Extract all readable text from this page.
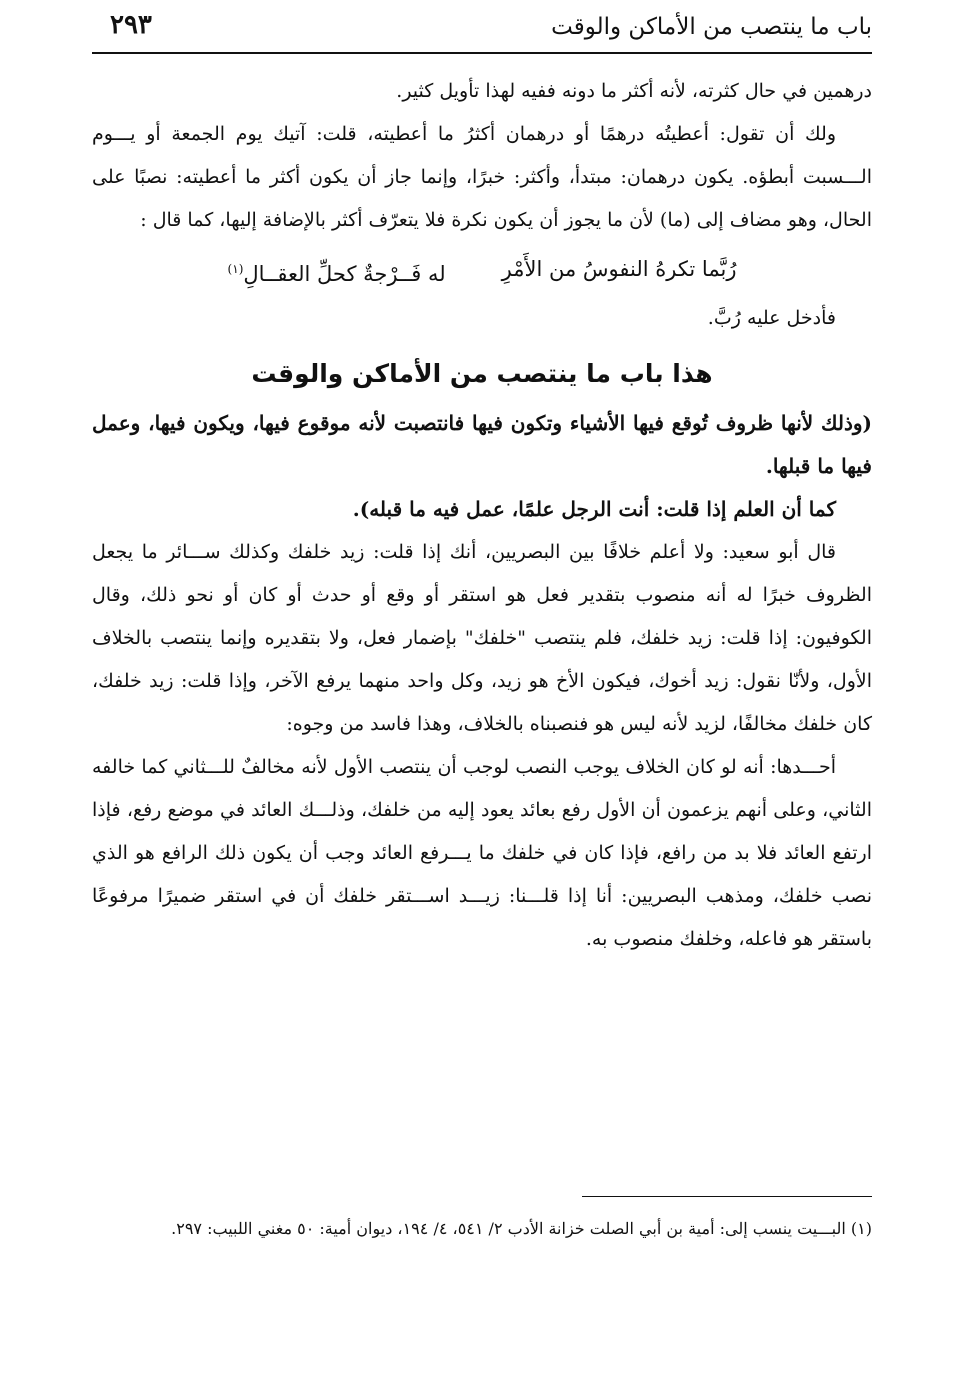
باب ما ينتصب من الأماكن والوقت
٢٩٣

درهمين في حال كثرته، لأنه أكثر ما دونه ففيه لهذا تأويل كثير.

ولك أن تقول: أعطيتُه درهمًا أو درهمان أكثرُ ما أعطيته، قلت: آتيك يوم الجمعة أو يـــوم الـــسبت أبطؤه. يكون درهمان: مبتدأ، وأكثر: خبرًا، وإنما جاز أن يكون أكثر ما أعطيته: نصبًا على الحال، وهو مضاف إلى (ما) لأن ما يجوز أن يكون نكرة فلا يتعرّف أكثر بالإضافة إليها، كما قال :

رُبَّما تكرهُ النفوسُ من الأَمْرِ
له فَــرْجةٌ كحلِّ العقــالِ$^{(١)}$

فأدخل عليه رُبَّ.

هذا باب ما ينتصب من الأماكن والوقت

(وذلك لأنها ظروف تُوقع فيها الأشياء وتكون فيها فانتصبت لأنه موقوع فيها، ويكون فيها، وعمل فيها ما قبلها.

كما أن العلم إذا قلت: أنت الرجل علمًا، عمل فيه ما قبله).

قال أبو سعيد: ولا أعلم خلافًا بين البصريين، أنك إذا قلت: زيد خلفك وكذلك ســـائر ما يجعل الظروف خبرًا له أنه منصوب بتقدير فعل هو استقر أو وقع أو حدث أو كان أو نحو ذلك، وقال الكوفيون: إذا قلت: زيد خلفك، فلم ينتصب "خلفك" بإضمار فعل، ولا بتقديره وإنما ينتصب بالخلاف الأول، ولأنّا نقول: زيد أخوك، فيكون الأخ هو زيد، وكل واحد منهما يرفع الآخر، وإذا قلت: زيد خلفك، كان خلفك مخالفًا، لزيد لأنه ليس هو فنصبناه بالخلاف، وهذا فاسد من وجوه:

أحـــدها: أنه لو كان الخلاف يوجب النصب لوجب أن ينتصب الأول لأنه مخالفٌ للـــثاني كما خالفه الثاني، وعلى أنهم يزعمون أن الأول رفع بعائد يعود إليه من خلفك، وذلـــك العائد في موضع رفع، فإذا ارتفع العائد فلا بد من رافع، فإذا كان في خلفك ما يـــرفع العائد وجب أن يكون ذلك الرافع هو الذي نصب خلفك، ومذهب البصريين: أنا إذا قلـــنا: زيـــد اســـتقر خلفك أن في استقر ضميرًا مرفوعًا باستقر هو فاعله، وخلفك منصوب به.

(١) البـــيت ينسب إلى: أمية بن أبي الصلت خزانة الأدب ٢/ ٥٤١، ٤/ ١٩٤، ديوان أمية: ٥٠ مغني اللبيب: ٢٩٧.
